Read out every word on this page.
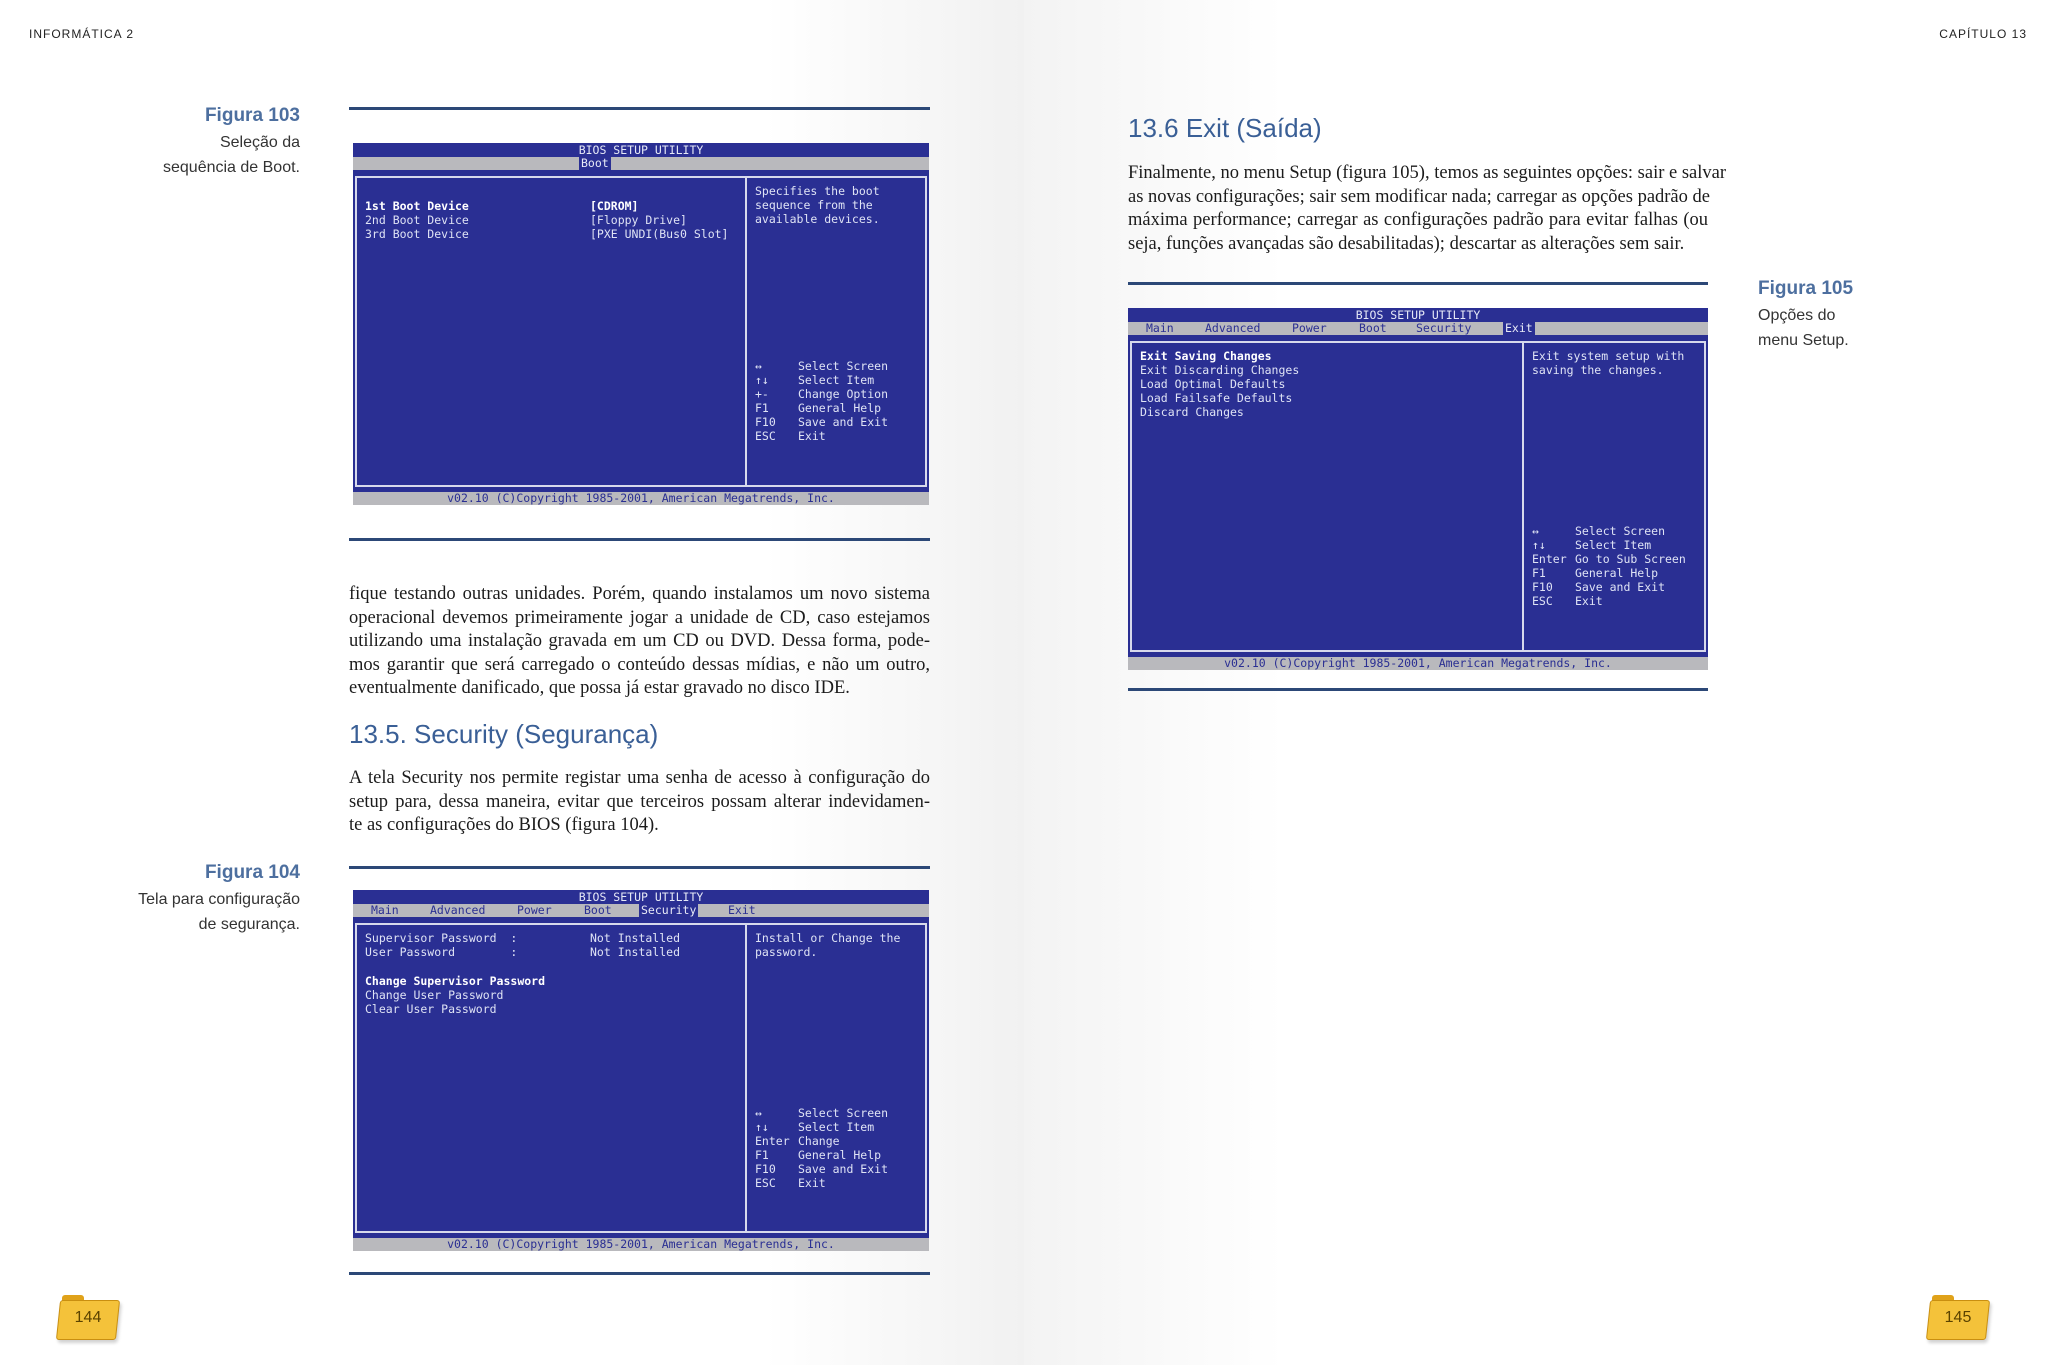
INFORMÁTICA 2
Figura 103
Seleção da
sequência de Boot.
BIOS SETUP UTILITY
Boot
1st Boot Device	[CDROM]
2nd Boot Device	[Floppy Drive]
3rd Boot Device	[PXE UNDI(Bus0 Slot]
Specifies the boot
sequence from the
available devices.
↔	Select Screen
↑↓	Select Item
+-	Change Option
F1	General Help
F10 Save and Exit
ESC Exit
v02.10 (C)Copyright 1985-2001, American Megatrends, Inc.
fique testando outras unidades. Porém, quando instalamos um novo sistema
operacional devemos primeiramente jogar a unidade de CD, caso estejamos
utilizando uma instalação gravada em um CD ou DVD. Dessa forma, pode-
mos garantir que será carregado o conteúdo dessas mídias, e não um outro,
eventualmente danificado, que possa já estar gravado no disco IDE.
13.5. Security (Segurança)
A tela Security nos permite registar uma senha de acesso à configuração do
setup para, dessa maneira, evitar que terceiros possam alterar indevidamen-
te as configurações do BIOS (figura 104).
Figura 104
Tela para configuração
de segurança.
BIOS SETUP UTILITY
Main	Advanced	Power	Boot	Security	Exit
Supervisor Password  :	Not Installed
User Password        :	Not Installed
Change Supervisor Password
Change User Password
Clear User Password
Install or Change the
password.
↔	Select Screen
↑↓	Select Item
Enter Change
F1	General Help
F10 Save and Exit
ESC Exit
v02.10 (C)Copyright 1985-2001, American Megatrends, Inc.
144
CAPÍTULO 13
13.6 Exit (Saída)
Finalmente, no menu Setup (figura 105), temos as seguintes opções: sair e salvar
as novas configurações; sair sem modificar nada; carregar as opções padrão de
máxima performance; carregar as configurações padrão para evitar falhas (ou
seja, funções avançadas são desabilitadas); descartar as alterações sem sair.
Figura 105
Opções do
menu Setup.
BIOS SETUP UTILITY
Main	Advanced	Power	Boot	Security	Exit
Exit Saving Changes
Exit Discarding Changes
Load Optimal Defaults
Load Failsafe Defaults
Discard Changes
Exit system setup with
saving the changes.
↔	Select Screen
↑↓	Select Item
Enter Go to Sub Screen
F1	General Help
F10 Save and Exit
ESC Exit
v02.10 (C)Copyright 1985-2001, American Megatrends, Inc.
145
